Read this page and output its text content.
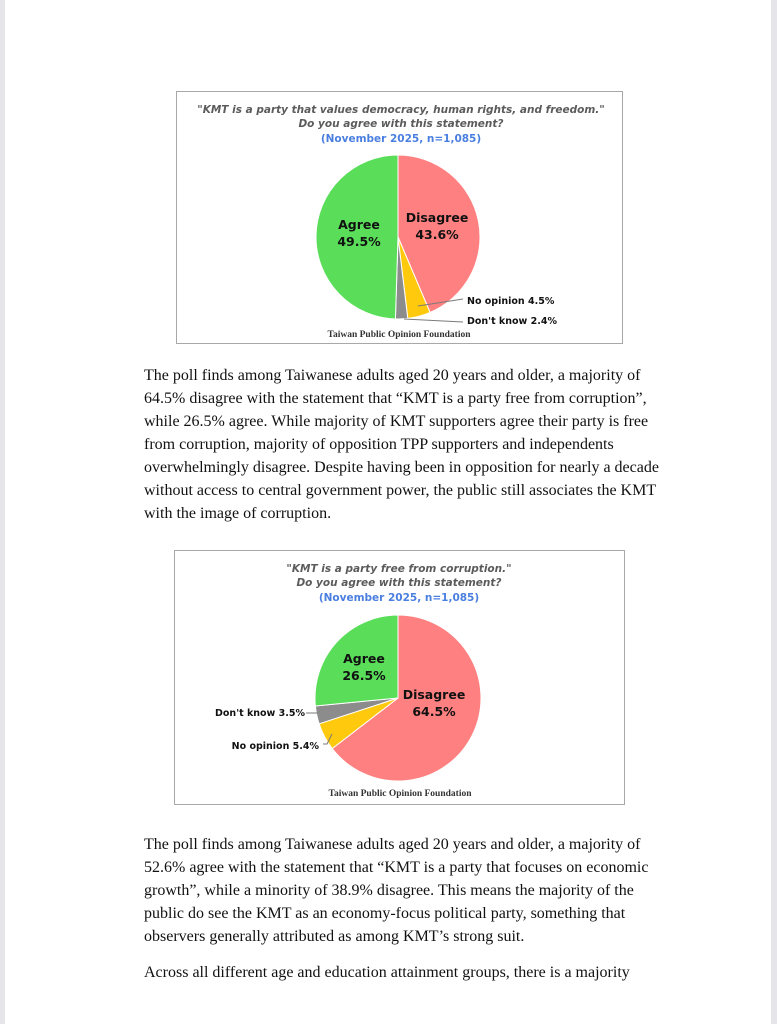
"KMT is a party that values democracy, human rights, and freedom."
Do you agree with this statement?
(November 2025, n=1,085)
Disagree
43.6%
No opinion 4.5%
Don't know 2.4%
Agree
49.5%
Taiwan Public Opinion Foundation
The poll finds among Taiwanese adults aged 20 years and older, a majority of
64.5% disagree with the statement that “KMT is a party free from corruption”,
while 26.5% agree. While majority of KMT supporters agree their party is free
from corruption, majority of opposition TPP supporters and independents
overwhelmingly disagree. Despite having been in opposition for nearly a decade
without access to central government power, the public still associates the KMT
with the image of corruption.
"KMT is a party free from corruption."
Do you agree with this statement?
(November 2025, n=1,085)
Disagree
64.5%
No opinion 5.4%
Don't know 3.5%
Agree
26.5%
Taiwan Public Opinion Foundation
The poll finds among Taiwanese adults aged 20 years and older, a majority of
52.6% agree with the statement that “KMT is a party that focuses on economic
growth”, while a minority of 38.9% disagree. This means the majority of the
public do see the KMT as an economy-focus political party, something that
observers generally attributed as among KMT’s strong suit.
Across all different age and education attainment groups, there is a majority
